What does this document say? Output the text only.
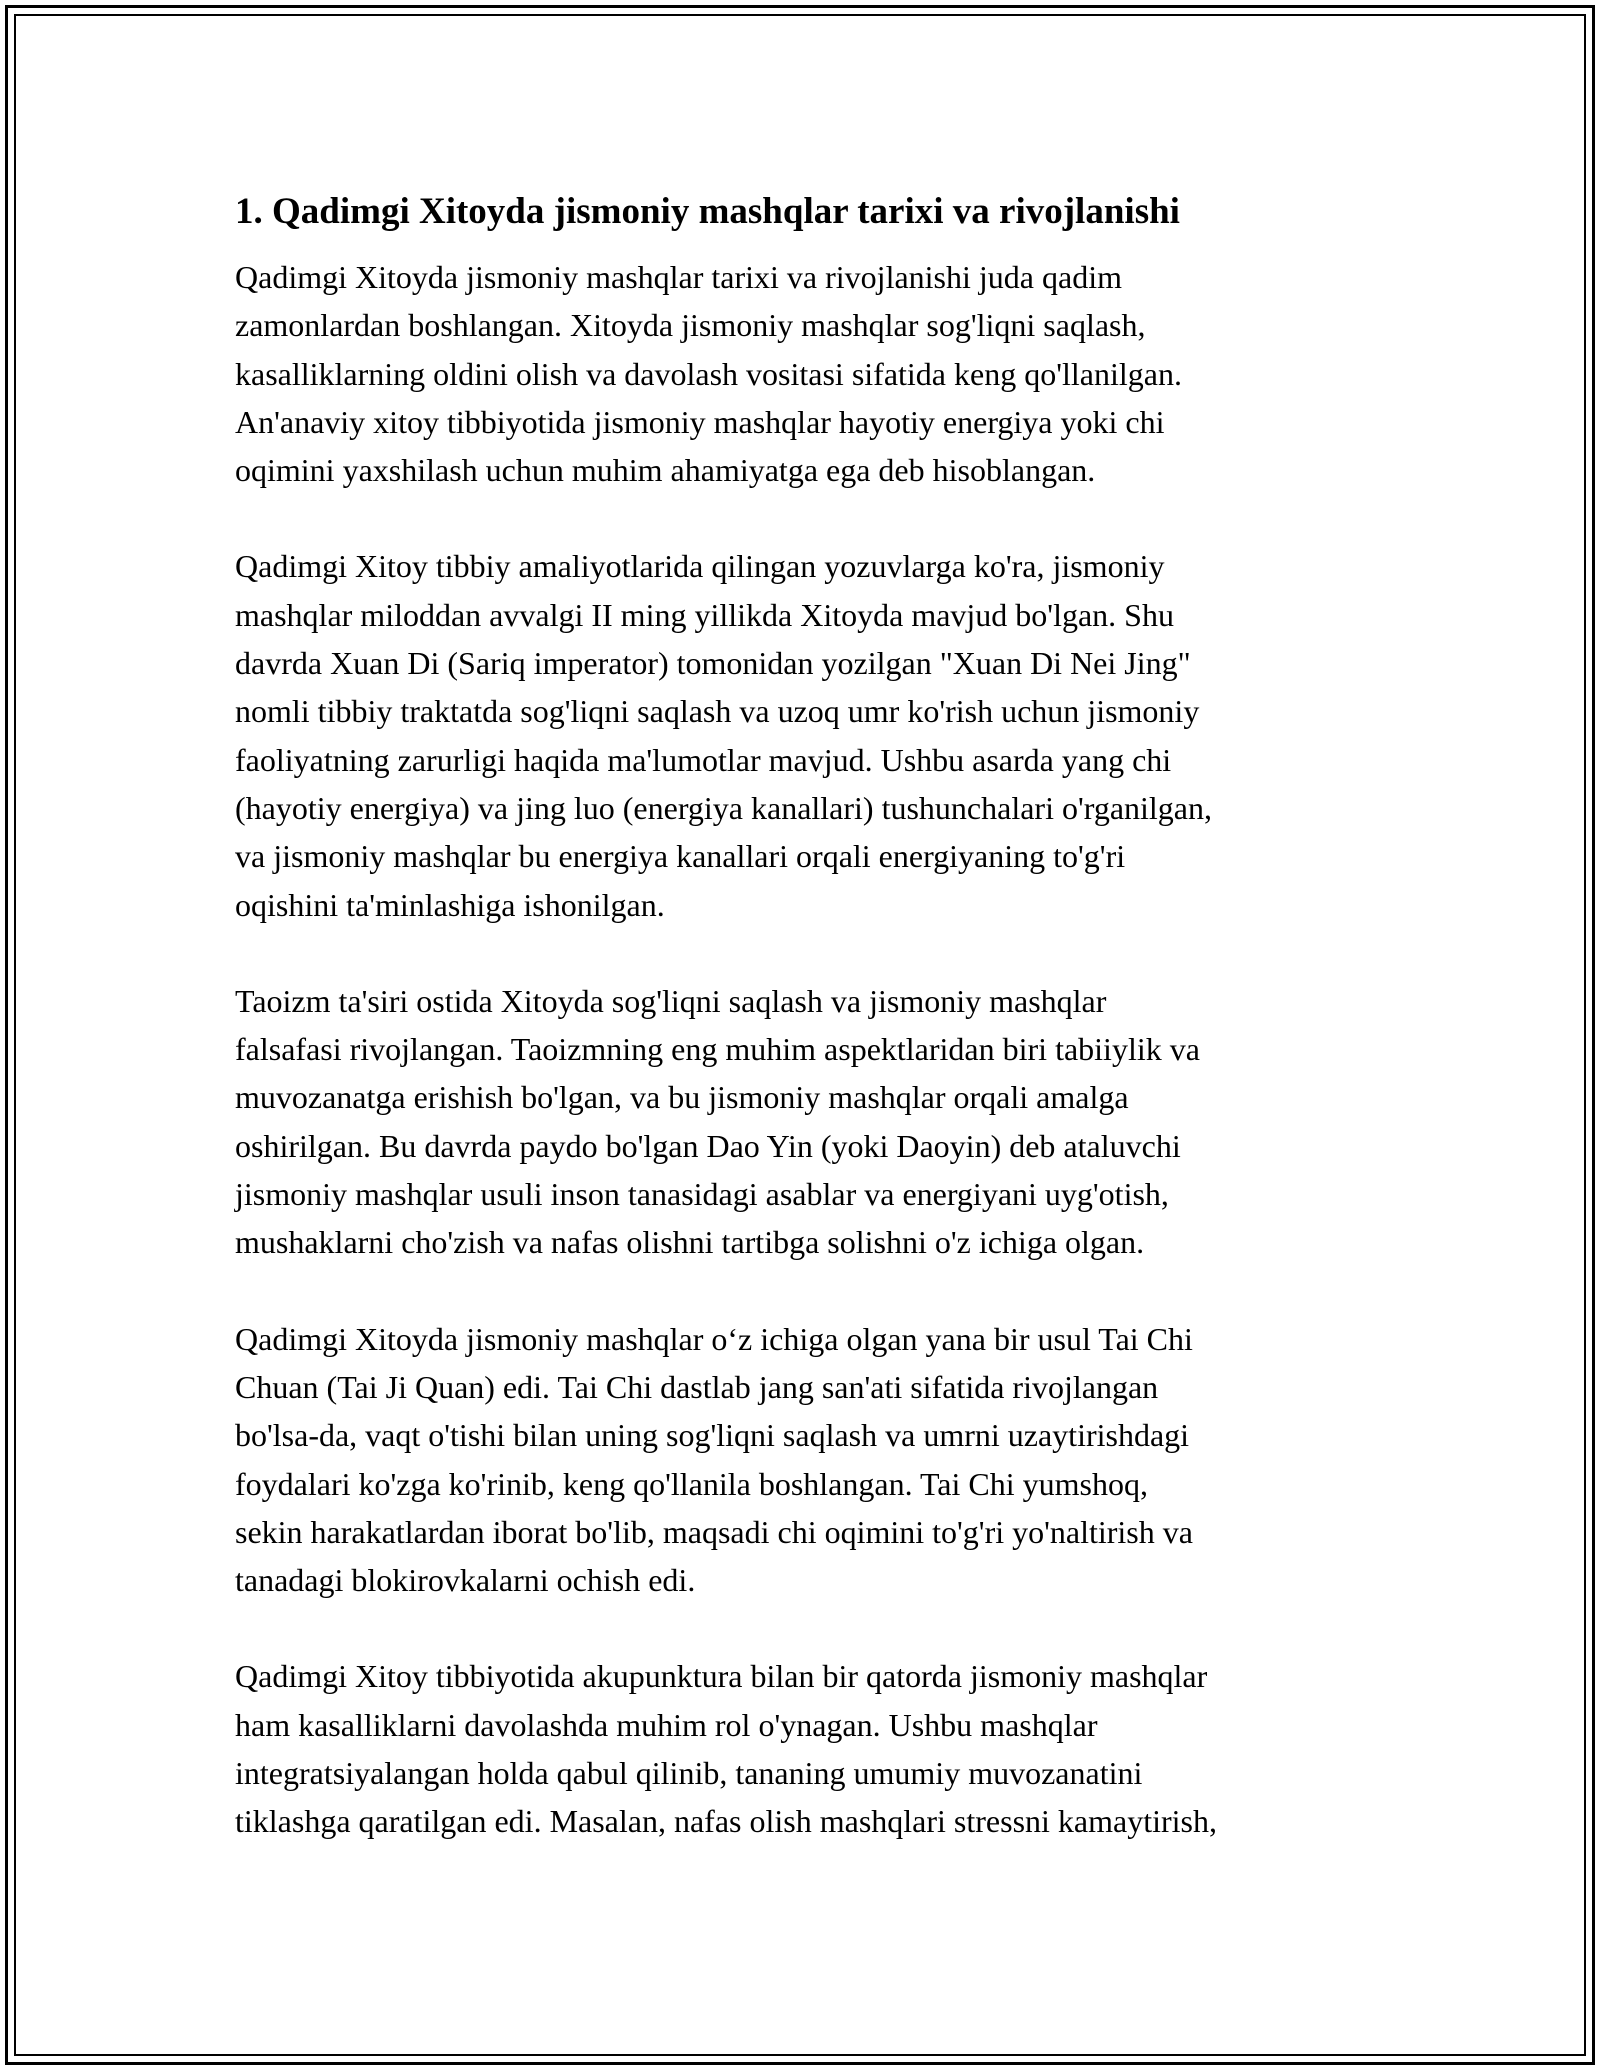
1. Qadimgi Xitoyda jismoniy mashqlar tarixi va rivojlanishi

Qadimgi Xitoyda jismoniy mashqlar tarixi va rivojlanishi juda qadim
zamonlardan boshlangan. Xitoyda jismoniy mashqlar sog'liqni saqlash,
kasalliklarning oldini olish va davolash vositasi sifatida keng qo'llanilgan.
An'anaviy xitoy tibbiyotida jismoniy mashqlar hayotiy energiya yoki chi
oqimini yaxshilash uchun muhim ahamiyatga ega deb hisoblangan.

Qadimgi Xitoy tibbiy amaliyotlarida qilingan yozuvlarga ko'ra, jismoniy
mashqlar miloddan avvalgi II ming yillikda Xitoyda mavjud bo'lgan. Shu
davrda Xuan Di (Sariq imperator) tomonidan yozilgan "Xuan Di Nei Jing"
nomli tibbiy traktatda sog'liqni saqlash va uzoq umr ko'rish uchun jismoniy
faoliyatning zarurligi haqida ma'lumotlar mavjud. Ushbu asarda yang chi
(hayotiy energiya) va jing luo (energiya kanallari) tushunchalari o'rganilgan,
va jismoniy mashqlar bu energiya kanallari orqali energiyaning to'g'ri
oqishini ta'minlashiga ishonilgan.

Taoizm ta'siri ostida Xitoyda sog'liqni saqlash va jismoniy mashqlar
falsafasi rivojlangan. Taoizmning eng muhim aspektlaridan biri tabiiylik va
muvozanatga erishish bo'lgan, va bu jismoniy mashqlar orqali amalga
oshirilgan. Bu davrda paydo bo'lgan Dao Yin (yoki Daoyin) deb ataluvchi
jismoniy mashqlar usuli inson tanasidagi asablar va energiyani uyg'otish,
mushaklarni cho'zish va nafas olishni tartibga solishni o'z ichiga olgan.

Qadimgi Xitoyda jismoniy mashqlar o‘z ichiga olgan yana bir usul Tai Chi
Chuan (Tai Ji Quan) edi. Tai Chi dastlab jang san'ati sifatida rivojlangan
bo'lsa-da, vaqt o'tishi bilan uning sog'liqni saqlash va umrni uzaytirishdagi
foydalari ko'zga ko'rinib, keng qo'llanila boshlangan. Tai Chi yumshoq,
sekin harakatlardan iborat bo'lib, maqsadi chi oqimini to'g'ri yo'naltirish va
tanadagi blokirovkalarni ochish edi.

Qadimgi Xitoy tibbiyotida akupunktura bilan bir qatorda jismoniy mashqlar
ham kasalliklarni davolashda muhim rol o'ynagan. Ushbu mashqlar
integratsiyalangan holda qabul qilinib, tananing umumiy muvozanatini
tiklashga qaratilgan edi. Masalan, nafas olish mashqlari stressni kamaytirish,
